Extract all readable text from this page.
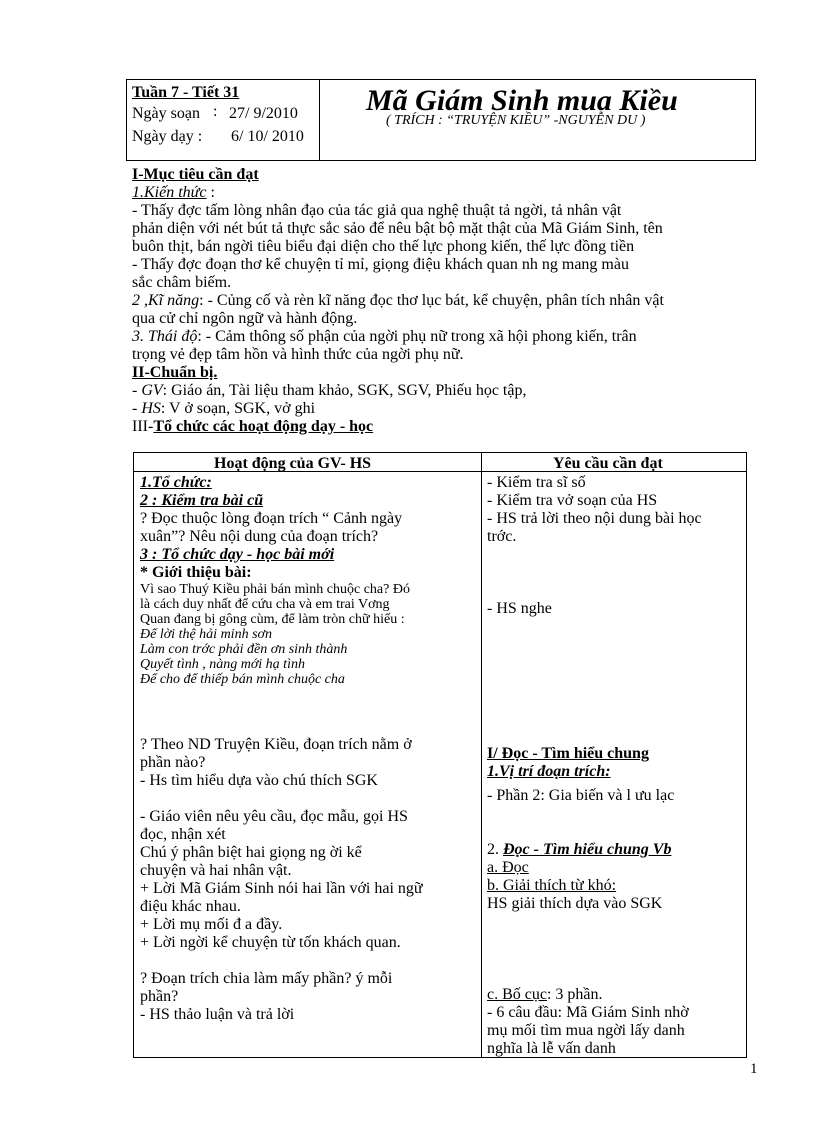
Tuần 7 - Tiết 31
Ngày soạn : 27/ 9/2010
Ngày dạy : 6/ 10/ 2010
Mã Giám Sinh mua Kiều
( TRÍCH : “TRUYỆN KIỀU” -NGUYỄN DU )
I-Mục tiêu cần đạt
1.Kiến thức :
- Thấy đợc tấm lòng nhân đạo của tác giả qua nghệ thuật tả ngời, tả nhân vật
phản diện với nét bút tả thực sắc sảo để nêu bật bộ mặt thật của Mã Giám Sinh, tên
buôn thịt, bán ngời tiêu biểu đại diện cho thế lực phong kiến, thế lực đồng tiền
- Thấy đợc đoạn thơ kể chuyện tỉ mỉ, giọng điệu khách quan nh ng mang màu
sắc châm biếm.
2 ,Kĩ năng: - Củng cố và rèn kĩ năng đọc thơ lục bát, kể chuyện, phân tích nhân vật
qua cử chỉ ngôn ngữ và hành động.
3. Thái độ: - Cảm thông số phận của ngời phụ nữ trong xã hội phong kiến, trân
trọng vẻ đẹp tâm hồn và hình thức của ngời phụ nữ.
II-Chuẩn bị.
- GV: Giáo án, Tài liệu tham khảo, SGK, SGV, Phiếu học tập,
- HS: V ở soạn, SGK, vở ghi
III-Tổ chức các hoạt động dạy - học
Hoạt động của GV- HS	Yêu cầu cần đạt
1.Tổ chức:
2 : Kiểm tra bài cũ
? Đọc thuộc lòng đoạn trích “ Cảnh ngày
xuân”? Nêu nội dung của đoạn trích?
3 : Tổ chức dạy - học bài mới
* Giới thiệu bài:
Vì sao Thuý Kiều phải bán mình chuộc cha? Đó
là cách duy nhất để cứu cha và em trai Vơng
Quan đang bị gông cùm, để làm tròn chữ hiếu :
Để lời thệ hải minh sơn
Làm con trớc phải đền ơn sinh thành
Quyết tình , nàng mới hạ tình
Để cho để thiếp bán mình chuộc cha
? Theo ND Truyện Kiều, đoạn trích nằm ở
phần nào?
- Hs tìm hiểu dựa vào chú thích SGK
- Giáo viên nêu yêu cầu, đọc mẫu, gọi HS
đọc, nhận xét
Chú ý phân biệt hai giọng ng ời kể
chuyện và hai nhân vật.
+ Lời Mã Giám Sinh nói hai lần với hai ngữ
điệu khác nhau.
+ Lời mụ mối đ a đầy.
+ Lời ngời kể chuyện từ tốn khách quan.
? Đoạn trích chia làm mấy phần? ý mỗi
phần?
- HS thảo luận và trả lời
- Kiểm tra sĩ số
- Kiểm tra vở soạn của HS
- HS trả lời theo nội dung bài học
trớc.
- HS nghe
I/ Đọc - Tìm hiểu chung
1.Vị trí đoạn trích:
- Phần 2: Gia biến và l ưu lạc
2. Đọc - Tìm hiểu chung Vb
a. Đọc
b. Giải thích từ khó:
HS giải thích dựa vào SGK
c. Bố cục: 3 phần.
- 6 câu đầu: Mã Giám Sinh nhờ
mụ mối tìm mua ngời lấy danh
nghĩa là lễ vấn danh
1
